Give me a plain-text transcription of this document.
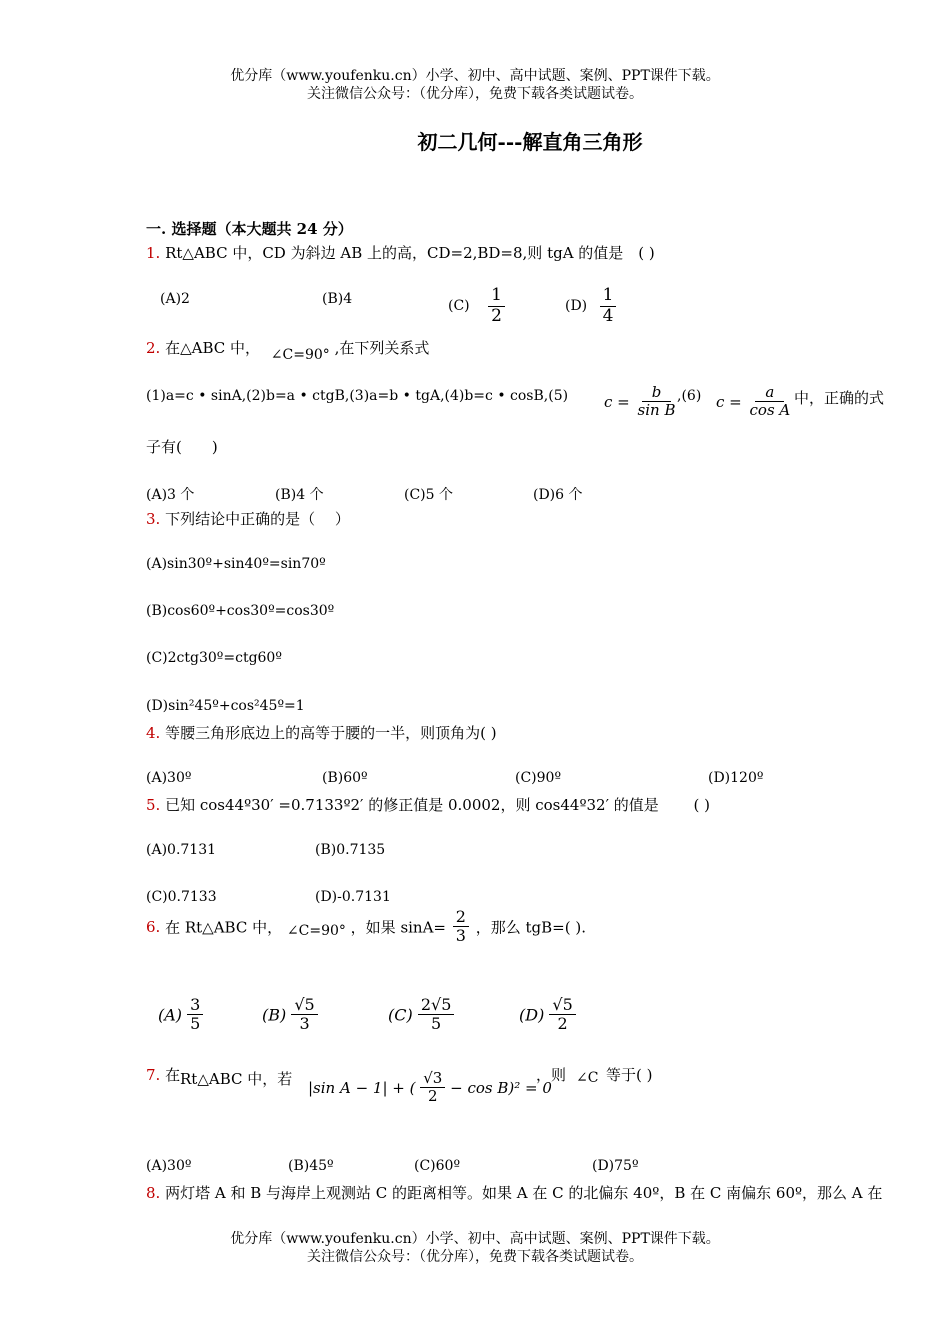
优分库（www.youfenku.cn）小学、初中、高中试题、案例、PPT课件下载。
关注微信公众号：（优分库），免费下载各类试题试卷。
初二几何---解直角三角形
一. 选择题（本大题共 24 分）
1. Rt△ABC 中，CD 为斜边 AB 上的高，CD=2,BD=8,则 tgA 的值是　( )
(A)2	(B)4	$(C) \frac{1}{2}$	$(D) \frac{1}{4}$
2. 在△ABC 中， ∠C=90° ,在下列关系式
(1)a=c • sinA,(2)b=a • ctgB,(3)a=b • tgA,(4)b=c • cosB,(5) $c = \frac{b}{\text{sin B}}$
,(6) $c = \frac{a}{\text{cos A}}$ 中，正确的式
子有(　　)
(A)3 个	(B)4 个	(C)5 个	(D)6 个
3. 下列结论中正确的是（　 ）
(A)sin30º+sin40º=sin70º
(B)cos60º+cos30º=cos30º
(C)2ctg30º=ctg60º
(D)sin²45º+cos²45º=1
4. 等腰三角形底边上的高等于腰的一半，则顶角为( )
(A)30º	(B)60º	(C)90º	(D)120º
5. 已知 cos44º30′ =0.7133º2′ 的修正值是 0.0002，则 cos44º32′ 的值是　　 ( )
(A)0.7131	(B)0.7135
(C)0.7133	(D)-0.7131
6. 在 Rt△ABC 中， ∠C=90° ，如果 $\sin A= \frac{2}{3}$ ，那么 tgB=( ).
$(A) \frac{3}{5}$	$(B) \frac{√5}{3}$	$(C) \frac{2√5}{5}$	$(D) \frac{√5}{2}$
7. 在 Rt△ABC 中，若 |sin A − 1| + ( $\frac{√3}{2} - \cos B)^2 = 0$
，则 ∠C 等于( )
(A)30º	(B)45º	(C)60º	(D)75º
8. 两灯塔 A 和 B 与海岸上观测站 C 的距离相等。如果 A 在 C 的北偏东 40º，B 在 C 南偏东 60º，那么 A 在
优分库（www.youfenku.cn）小学、初中、高中试题、案例、PPT课件下载。
关注微信公众号：（优分库），免费下载各类试题试卷。
